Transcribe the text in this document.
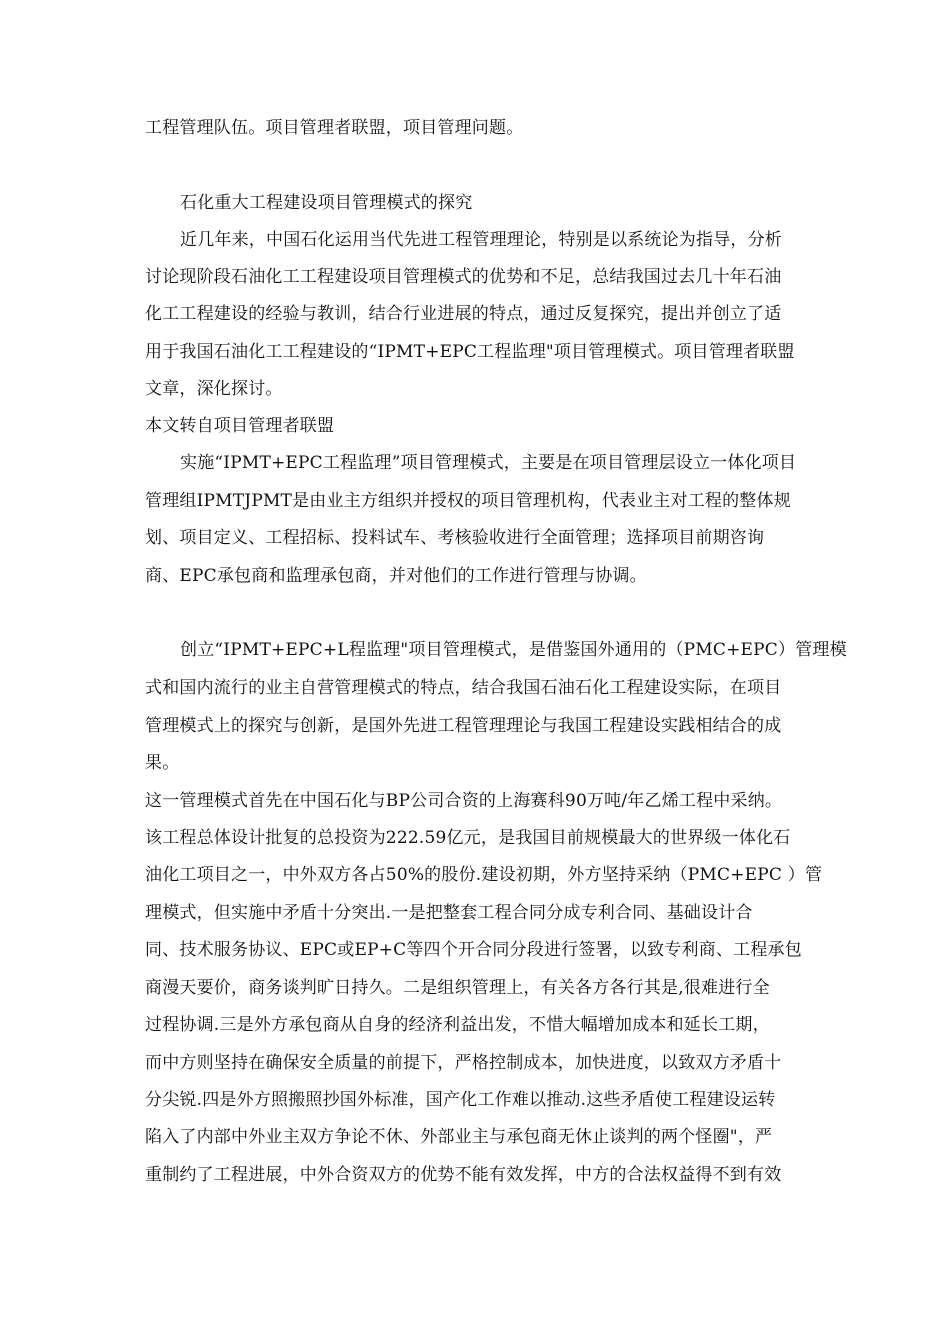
工程管理队伍。项目管理者联盟，项目管理问题。
石化重大工程建设项目管理模式的探究
近几年来，中国石化运用当代先进工程管理理论，特别是以系统论为指导，分析
讨论现阶段石油化工工程建设项目管理模式的优势和不足，总结我国过去几十年石油
化工工程建设的经验与教训，结合行业进展的特点，通过反复探究，提出并创立了适
用于我国石油化工工程建设的“IPMT+EPC工程监理"项目管理模式。项目管理者联盟
文章，深化探讨。
本文转自项目管理者联盟
实施“IPMT+EPC工程监理”项目管理模式，主要是在项目管理层设立一体化项目
管理组IPMTJPMT是由业主方组织并授权的项目管理机构，代表业主对工程的整体规
划、项目定义、工程招标、投料试车、考核验收进行全面管理；选择项目前期咨询
商、EPC承包商和监理承包商，并对他们的工作进行管理与协调。
创立“IPMT+EPC+L程监理"项目管理模式，是借鉴国外通用的（PMC+EPC）管理模
式和国内流行的业主自营管理模式的特点，结合我国石油石化工程建设实际，在项目
管理模式上的探究与创新，是国外先进工程管理理论与我国工程建设实践相结合的成
果。
这一管理模式首先在中国石化与BP公司合资的上海赛科90万吨/年乙烯工程中采纳。
该工程总体设计批复的总投资为222.59亿元，是我国目前规模最大的世界级一体化石
油化工项目之一，中外双方各占50%的股份.建设初期，外方坚持采纳（PMC+EPC ）管
理模式，但实施中矛盾十分突出.一是把整套工程合同分成专利合同、基础设计合
同、技术服务协议、EPC或EP+C等四个开合同分段进行签署，以致专利商、工程承包
商漫天要价，商务谈判旷日持久。二是组织管理上，有关各方各行其是,很难进行全
过程协调.三是外方承包商从自身的经济利益出发，不惜大幅增加成本和延长工期，
而中方则坚持在确保安全质量的前提下，严格控制成本，加快进度，以致双方矛盾十
分尖锐.四是外方照搬照抄国外标准，国产化工作难以推动.这些矛盾使工程建设运转
陷入了内部中外业主双方争论不休、外部业主与承包商无休止谈判的两个怪圈"，严
重制约了工程进展，中外合资双方的优势不能有效发挥，中方的合法权益得不到有效
